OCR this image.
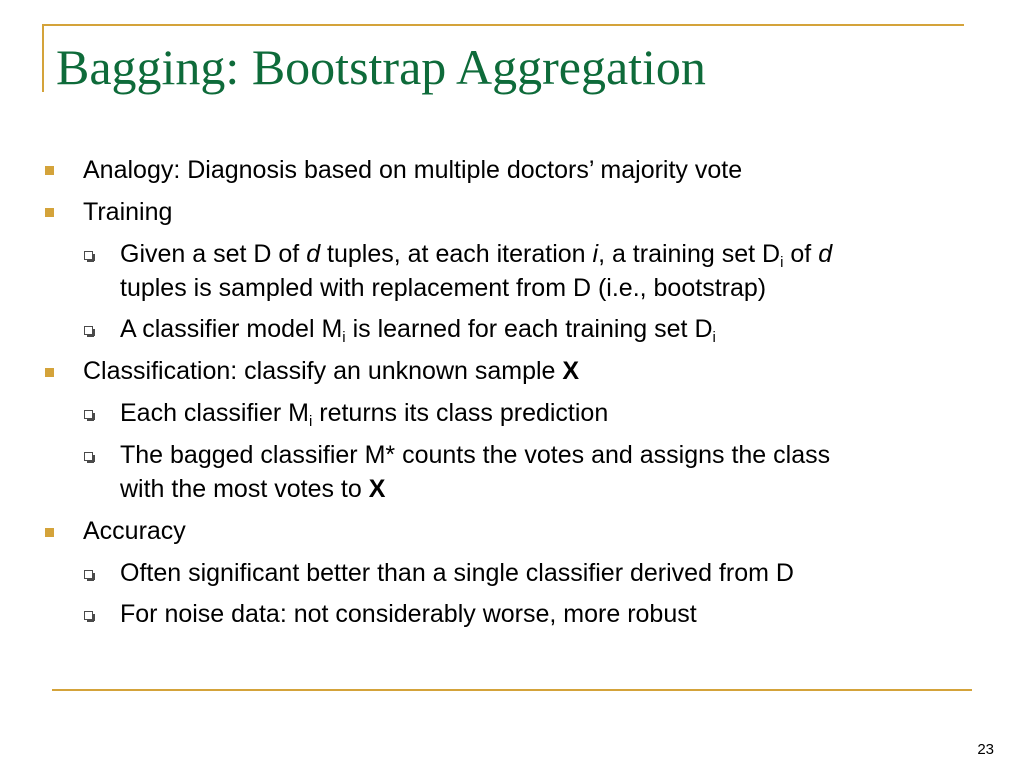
Bagging: Bootstrap Aggregation
Analogy: Diagnosis based on multiple doctors’ majority vote
Training
Given a set D of d tuples, at each iteration i, a training set $D_i$ of d
tuples is sampled with replacement from D (i.e., bootstrap)
A classifier model $M_i$ is learned for each training set $D_i$
Classification: classify an unknown sample X
Each classifier $M_i$ returns its class prediction
The bagged classifier M* counts the votes and assigns the class
with the most votes to X
Accuracy
Often significant better than a single classifier derived from D
For noise data: not considerably worse, more robust
23
